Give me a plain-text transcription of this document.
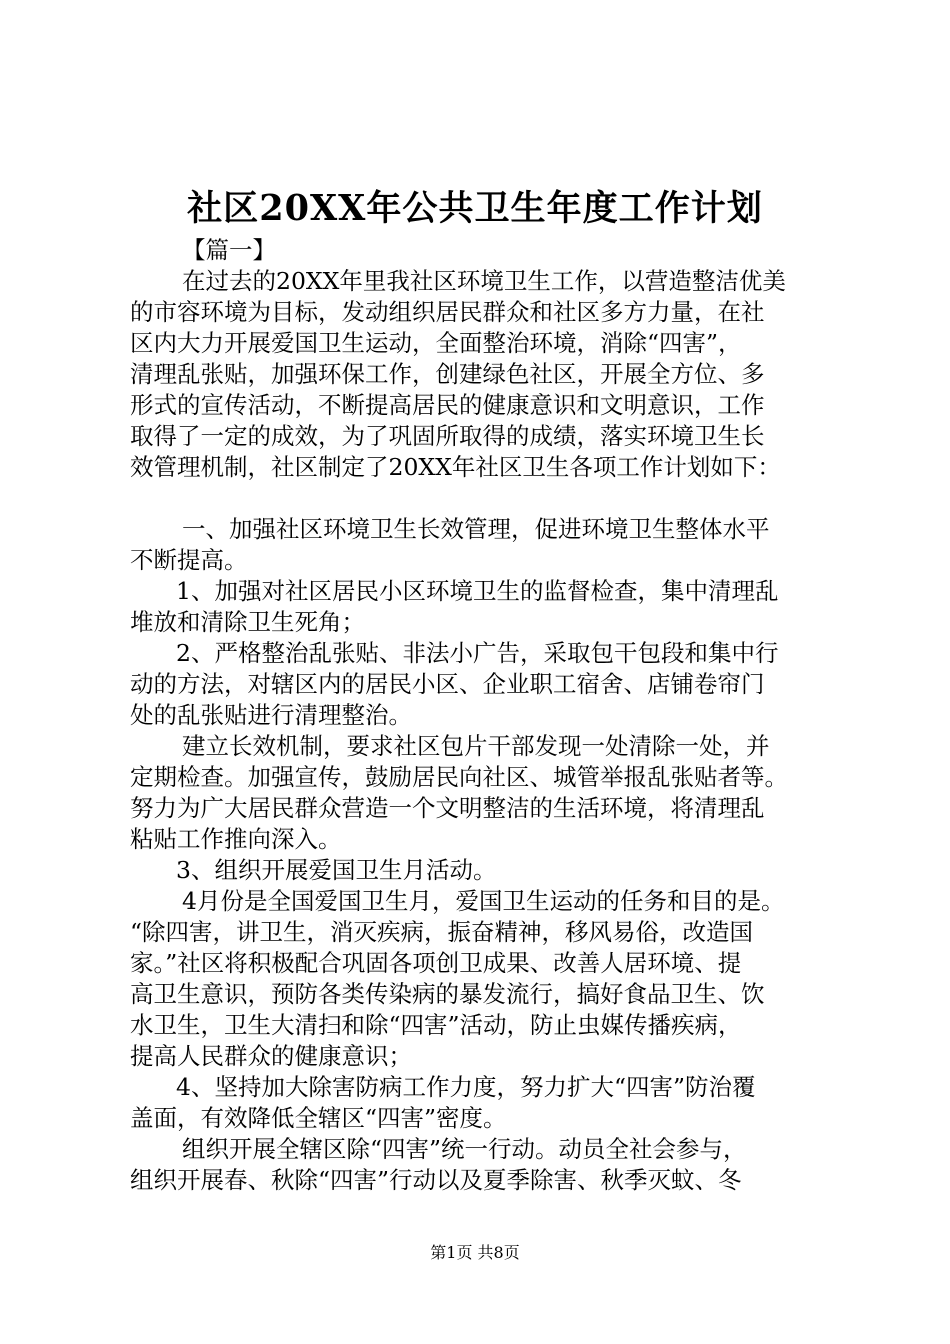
社区20XX年公共卫生年度工作计划
【篇一】
在过去的20XX年里我社区环境卫生工作，以营造整洁优美
的市容环境为目标，发动组织居民群众和社区多方力量，在社
区内大力开展爱国卫生运动，全面整治环境，消除“四害”，
清理乱张贴，加强环保工作，创建绿色社区，开展全方位、多
形式的宣传活动，不断提高居民的健康意识和文明意识，工作
取得了一定的成效，为了巩固所取得的成绩，落实环境卫生长
效管理机制，社区制定了20XX年社区卫生各项工作计划如下：
一、加强社区环境卫生长效管理，促进环境卫生整体水平
不断提高。
1、加强对社区居民小区环境卫生的监督检查，集中清理乱
堆放和清除卫生死角；
2、严格整治乱张贴、非法小广告，采取包干包段和集中行
动的方法，对辖区内的居民小区、企业职工宿舍、店铺卷帘门
处的乱张贴进行清理整治。
建立长效机制，要求社区包片干部发现一处清除一处，并
定期检查。加强宣传，鼓励居民向社区、城管举报乱张贴者等。
努力为广大居民群众营造一个文明整洁的生活环境，将清理乱
粘贴工作推向深入。
3、组织开展爱国卫生月活动。
4月份是全国爱国卫生月，爱国卫生运动的任务和目的是。
“除四害，讲卫生，消灭疾病，振奋精神，移风易俗，改造国
家。”社区将积极配合巩固各项创卫成果、改善人居环境、提
高卫生意识，预防各类传染病的暴发流行，搞好食品卫生、饮
水卫生，卫生大清扫和除“四害”活动，防止虫媒传播疾病，
提高人民群众的健康意识；
4、坚持加大除害防病工作力度，努力扩大“四害”防治覆
盖面，有效降低全辖区“四害”密度。
组织开展全辖区除“四害”统一行动。动员全社会参与，
组织开展春、秋除“四害”行动以及夏季除害、秋季灭蚊、冬
第1页 共8页
